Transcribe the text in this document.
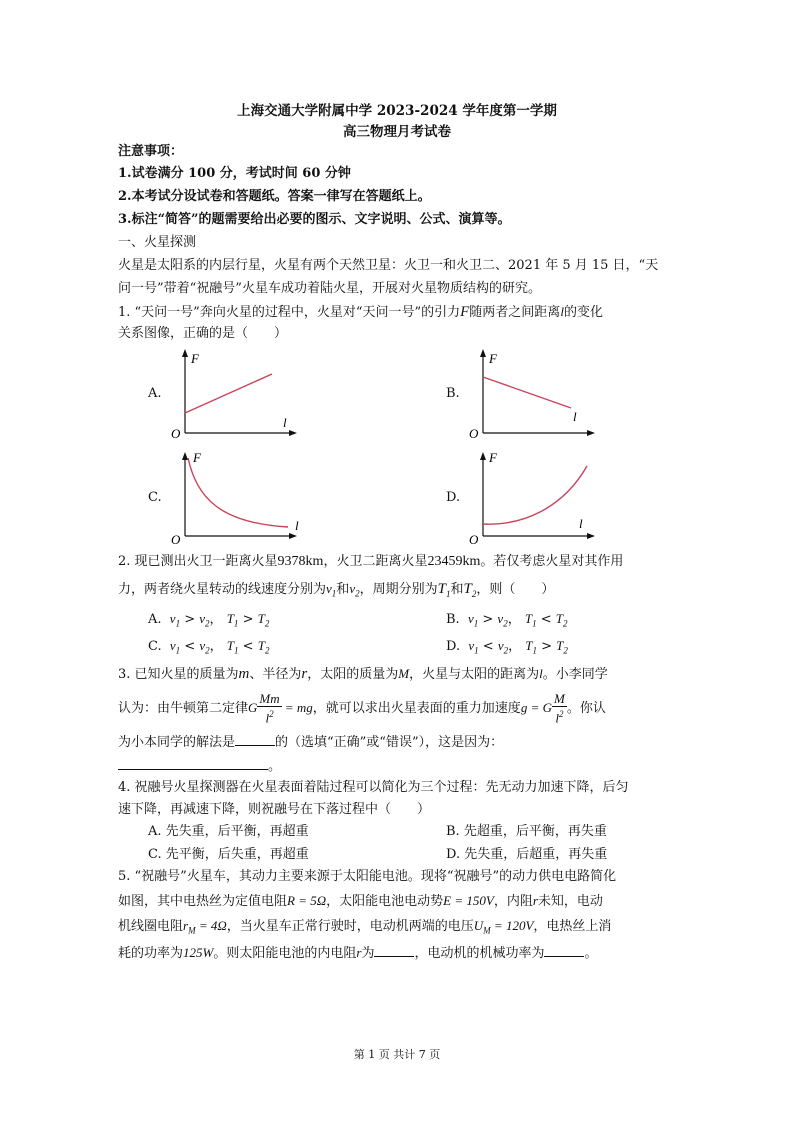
上海交通大学附属中学 2023-2024 学年度第一学期
高三物理月考试卷
注意事项：
1.试卷满分 100 分，考试时间 60 分钟
2.本考试分设试卷和答题纸。答案一律写在答题纸上。
3.标注“简答”的题需要给出必要的图示、文字说明、公式、演算等。
一、火星探测
火星是太阳系的内层行星，火星有两个天然卫星：火卫一和火卫二、2021 年 5 月 15 日，“天
问一号”带着“祝融号”火星车成功着陆火星，开展对火星物质结构的研究。
1. “天问一号”奔向火星的过程中，火星对“天问一号”的引力F随两者之间距离l的变化
关系图像，正确的是（　　）
A.
F
l
O
B.
F
l
O
C.
F
l
O
D.
F
l
O
2. 现已测出火卫一距离火星9378km，火卫二距离火星23459km。若仅考虑火星对其作用
力，两者绕火星转动的线速度分别为$v_1$和$v_2$，周期分别为$T_1$和$T_2$，则（　　）
A. $v_1 > v_2$， $T_1 > T_2$	B. $v_1 > v_2$， $T_1 < T_2$
C. $v_1 < v_2$， $T_1 < T_2$	D. $v_1 < v_2$， $T_1 > T_2$
3. 已知火星的质量为m、半径为r，太阳的质量为M，火星与太阳的距离为l。小李同学
认为：由牛顿第二定律G $\frac{Mm}{l^2}$ = mg，就可以求出火星表面的重力加速度g = G $\frac{M}{l^2}$ 。你认
为小本同学的解法是	的（选填“正确”或“错误”），这是因为：
。
4. 祝融号火星探测器在火星表面着陆过程可以简化为三个过程：先无动力加速下降，后匀
速下降，再减速下降，则祝融号在下落过程中（　　）
A. 先失重，后平衡，再超重	B. 先超重，后平衡，再失重
C. 先平衡，后失重，再超重	D. 先失重，后超重，再失重
5. “祝融号”火星车，其动力主要来源于太阳能电池。现将“祝融号”的动力供电电路简化
如图，其中电热丝为定值电阻R = 5Ω，太阳能电池电动势E = 150V，内阻r未知，电动
机线圈电阻$r_M = 4\Omega$，当火星车正常行驶时，电动机两端的电压$U_M = 120V$，电热丝上消
耗的功率为125W。则太阳能电池的内电阻r为	，电动机的机械功率为	。
第 1 页 共计 7 页
